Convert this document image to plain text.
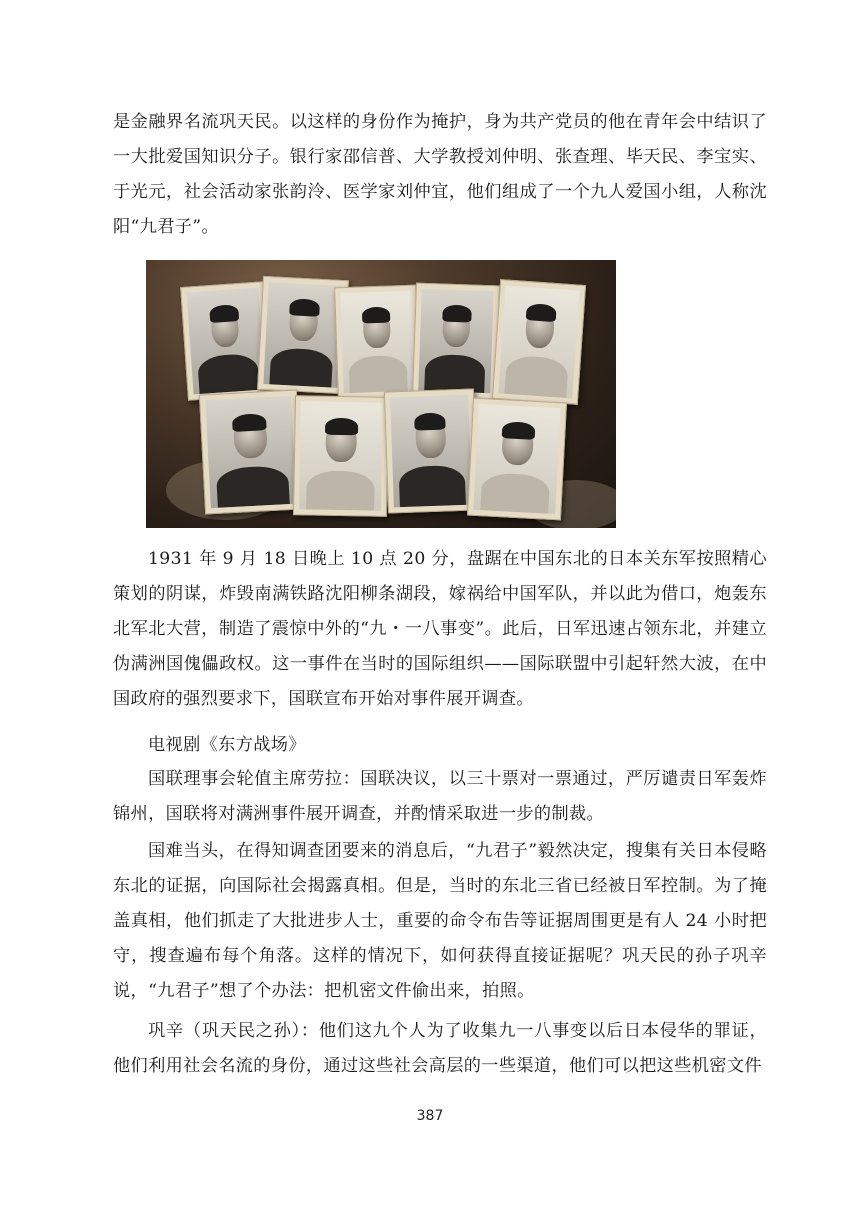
是金融界名流巩天民。以这样的身份作为掩护，身为共产党员的他在青年会中结识了一大批爱国知识分子。银行家邵信普、大学教授刘仲明、张查理、毕天民、李宝实、于光元，社会活动家张韵泠、医学家刘仲宜，他们组成了一个九人爱国小组，人称沈阳“九君子”。

1931 年 9 月 18 日晚上 10 点 20 分，盘踞在中国东北的日本关东军按照精心策划的阴谋，炸毁南满铁路沈阳柳条湖段，嫁祸给中国军队，并以此为借口，炮轰东北军北大营，制造了震惊中外的“九・一八事变”。此后，日军迅速占领东北，并建立伪满洲国傀儡政权。这一事件在当时的国际组织——国际联盟中引起轩然大波，在中国政府的强烈要求下，国联宣布开始对事件展开调查。

电视剧《东方战场》

国联理事会轮值主席劳拉：国联决议，以三十票对一票通过，严厉谴责日军轰炸锦州，国联将对满洲事件展开调查，并酌情采取进一步的制裁。

国难当头，在得知调查团要来的消息后，“九君子”毅然决定，搜集有关日本侵略东北的证据，向国际社会揭露真相。但是，当时的东北三省已经被日军控制。为了掩盖真相，他们抓走了大批进步人士，重要的命令布告等证据周围更是有人 24 小时把守，搜查遍布每个角落。这样的情况下，如何获得直接证据呢？巩天民的孙子巩辛说，“九君子”想了个办法：把机密文件偷出来，拍照。

巩辛（巩天民之孙）：他们这九个人为了收集九一八事变以后日本侵华的罪证，他们利用社会名流的身份，通过这些社会高层的一些渠道，他们可以把这些机密文件

387
